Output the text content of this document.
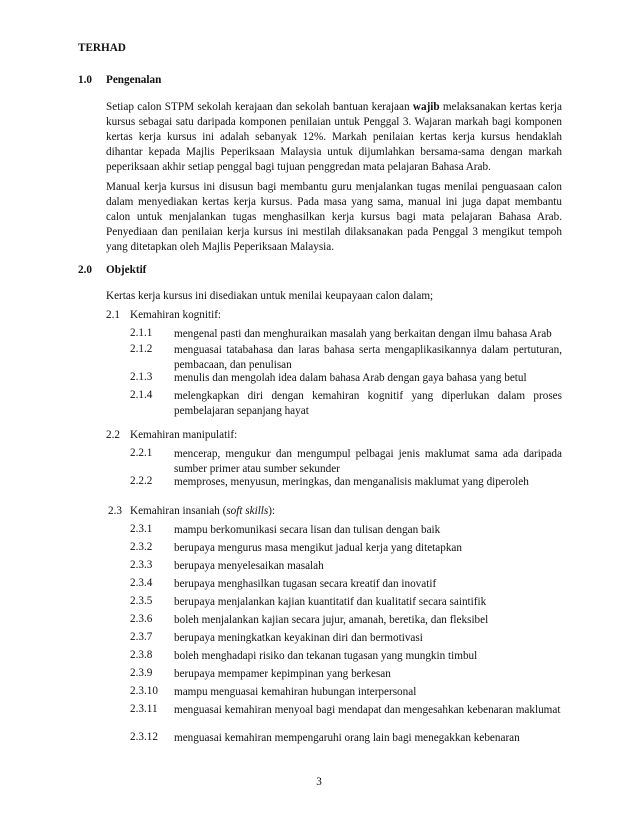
TERHAD
1.0 Pengenalan
Setiap calon STPM sekolah kerajaan dan sekolah bantuan kerajaan wajib melaksanakan kertas kerja kursus sebagai satu daripada komponen penilaian untuk Penggal 3. Wajaran markah bagi komponen kertas kerja kursus ini adalah sebanyak 12%. Markah penilaian kertas kerja kursus hendaklah dihantar kepada Majlis Peperiksaan Malaysia untuk dijumlahkan bersama-sama dengan markah peperiksaan akhir setiap penggal bagi tujuan penggredan mata pelajaran Bahasa Arab.
Manual kerja kursus ini disusun bagi membantu guru menjalankan tugas menilai penguasaan calon dalam menyediakan kertas kerja kursus. Pada masa yang sama, manual ini juga dapat membantu calon untuk menjalankan tugas menghasilkan kerja kursus bagi mata pelajaran Bahasa Arab. Penyediaan dan penilaian kerja kursus ini mestilah dilaksanakan pada Penggal 3 mengikut tempoh yang ditetapkan oleh Majlis Peperiksaan Malaysia.
2.0 Objektif
Kertas kerja kursus ini disediakan untuk menilai keupayaan calon dalam;
2.1 Kemahiran kognitif:
2.1.1 mengenal pasti dan menghuraikan masalah yang berkaitan dengan ilmu bahasa Arab
2.1.2 menguasai tatabahasa dan laras bahasa serta mengaplikasikannya dalam pertuturan, pembacaan, dan penulisan
2.1.3 menulis dan mengolah idea dalam bahasa Arab dengan gaya bahasa yang betul
2.1.4 melengkapkan diri dengan kemahiran kognitif yang diperlukan dalam proses pembelajaran sepanjang hayat
2.2 Kemahiran manipulatif:
2.2.1 mencerap, mengukur dan mengumpul pelbagai jenis maklumat sama ada daripada sumber primer atau sumber sekunder
2.2.2 memproses, menyusun, meringkas, dan menganalisis maklumat yang diperoleh
2.3 Kemahiran insaniah (soft skills):
2.3.1 mampu berkomunikasi secara lisan dan tulisan dengan baik
2.3.2 berupaya mengurus masa mengikut jadual kerja yang ditetapkan
2.3.3 berupaya menyelesaikan masalah
2.3.4 berupaya menghasilkan tugasan secara kreatif dan inovatif
2.3.5 berupaya menjalankan kajian kuantitatif dan kualitatif secara saintifik
2.3.6 boleh menjalankan kajian secara jujur, amanah, beretika, dan fleksibel
2.3.7 berupaya meningkatkan keyakinan diri dan bermotivasi
2.3.8 boleh menghadapi risiko dan tekanan tugasan yang mungkin timbul
2.3.9 berupaya mempamer kepimpinan yang berkesan
2.3.10 mampu menguasai kemahiran hubungan interpersonal
2.3.11 menguasai kemahiran menyoal bagi mendapat dan mengesahkan kebenaran maklumat
2.3.12 menguasai kemahiran mempengaruhi orang lain bagi menegakkan kebenaran
3
